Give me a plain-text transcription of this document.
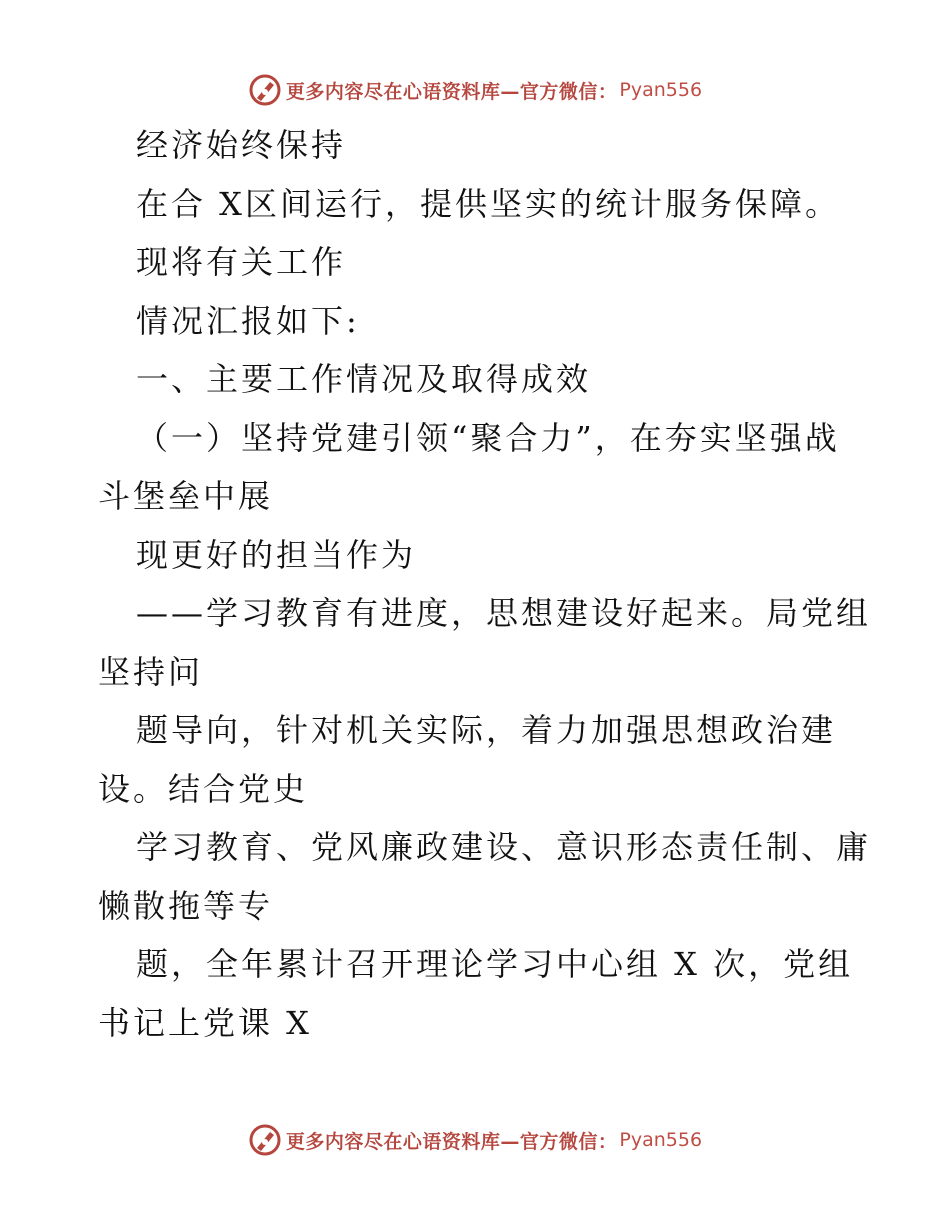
更多内容尽在心语资料库—官方微信： Pyan556
经济始终保持
在合 X区间运行，提供坚实的统计服务保障。
现将有关工作
情况汇报如下:
一、主要工作情况及取得成效
（一）坚持党建引领“聚合力”，在夯实坚强战
斗堡垒中展
现更好的担当作为
——学习教育有进度，思想建设好起来。局党组
坚持问
题导向，针对机关实际，着力加强思想政治建
设。结合党史
学习教育、党风廉政建设、意识形态责任制、庸
懒散拖等专
题，全年累计召开理论学习中心组 X 次，党组
书记上党课 X
更多内容尽在心语资料库—官方微信： Pyan556
